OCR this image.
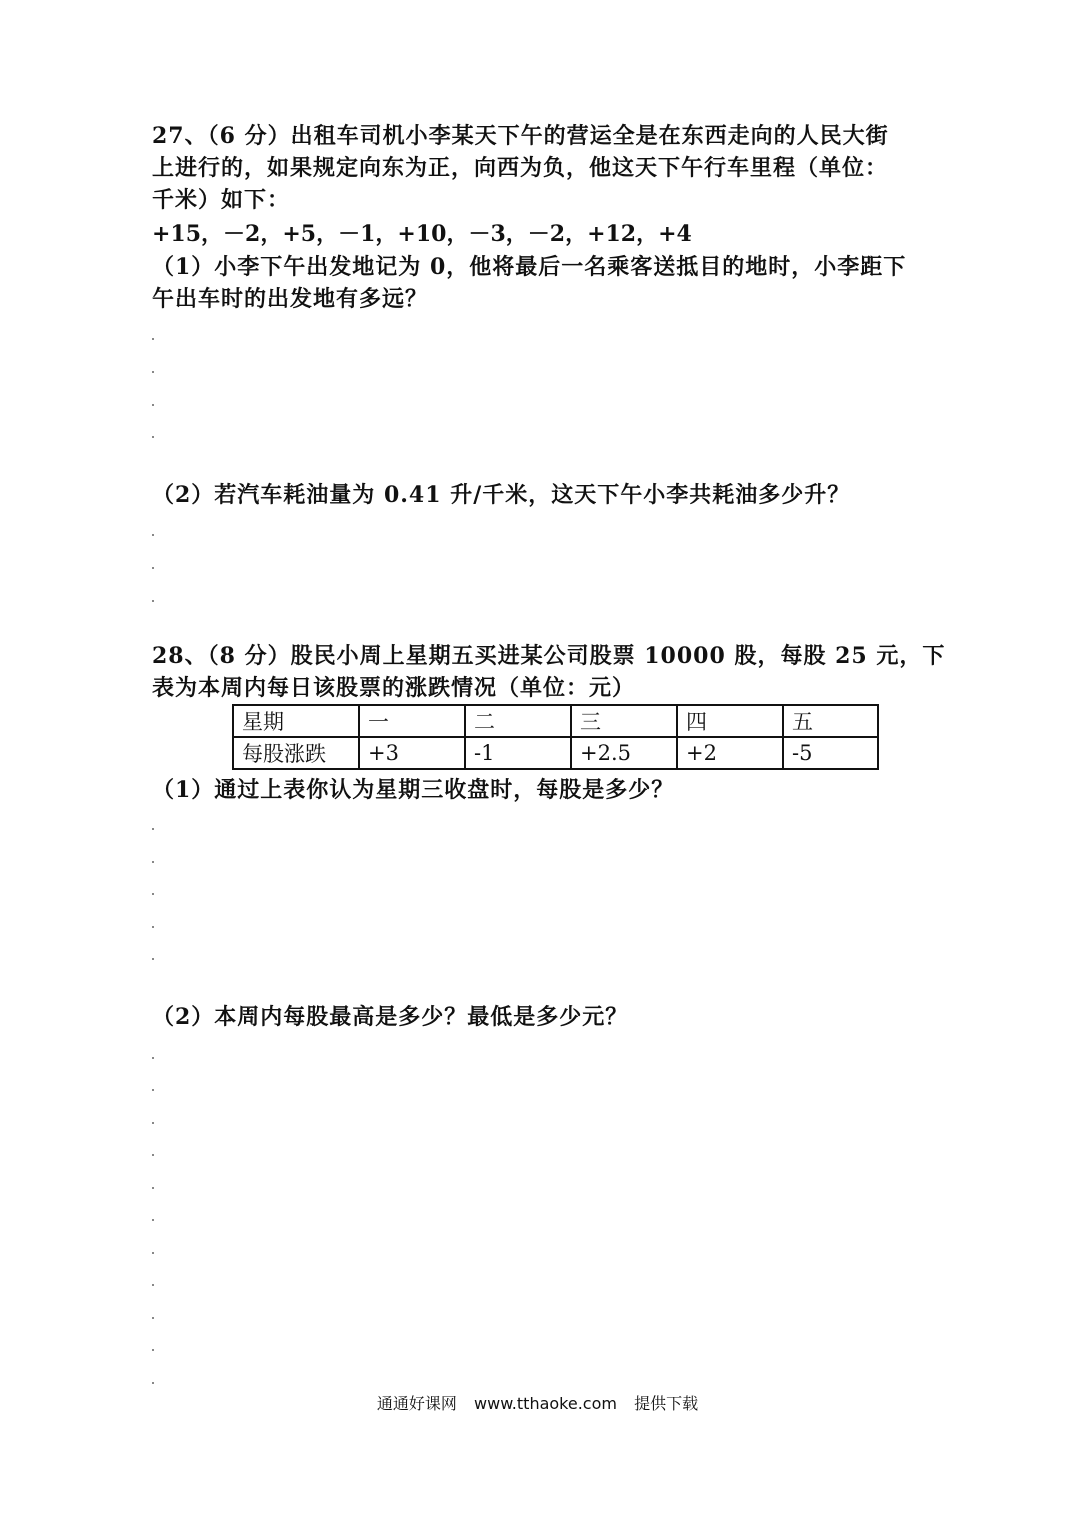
27、（6 分）出租车司机小李某天下午的营运全是在东西走向的人民大街
上进行的，如果规定向东为正，向西为负，他这天下午行车里程（单位：
千米）如下：
+15，－2，+5，－1，+10，－3，－2，+12，+4
（1）小李下午出发地记为 0，他将最后一名乘客送抵目的地时，小李距下
午出车时的出发地有多远？
（2）若汽车耗油量为 0.41 升/千米，这天下午小李共耗油多少升？
28、（8 分）股民小周上星期五买进某公司股票 10000 股，每股 25 元，下
表为本周内每日该股票的涨跌情况（单位：元）
星期	一	二	三	四	五
每股涨跌	+3	-1	+2.5	+2	-5
（1）通过上表你认为星期三收盘时，每股是多少？
（2）本周内每股最高是多少？最低是多少元？
通通好课网 www.tthaoke.com 提供下载
